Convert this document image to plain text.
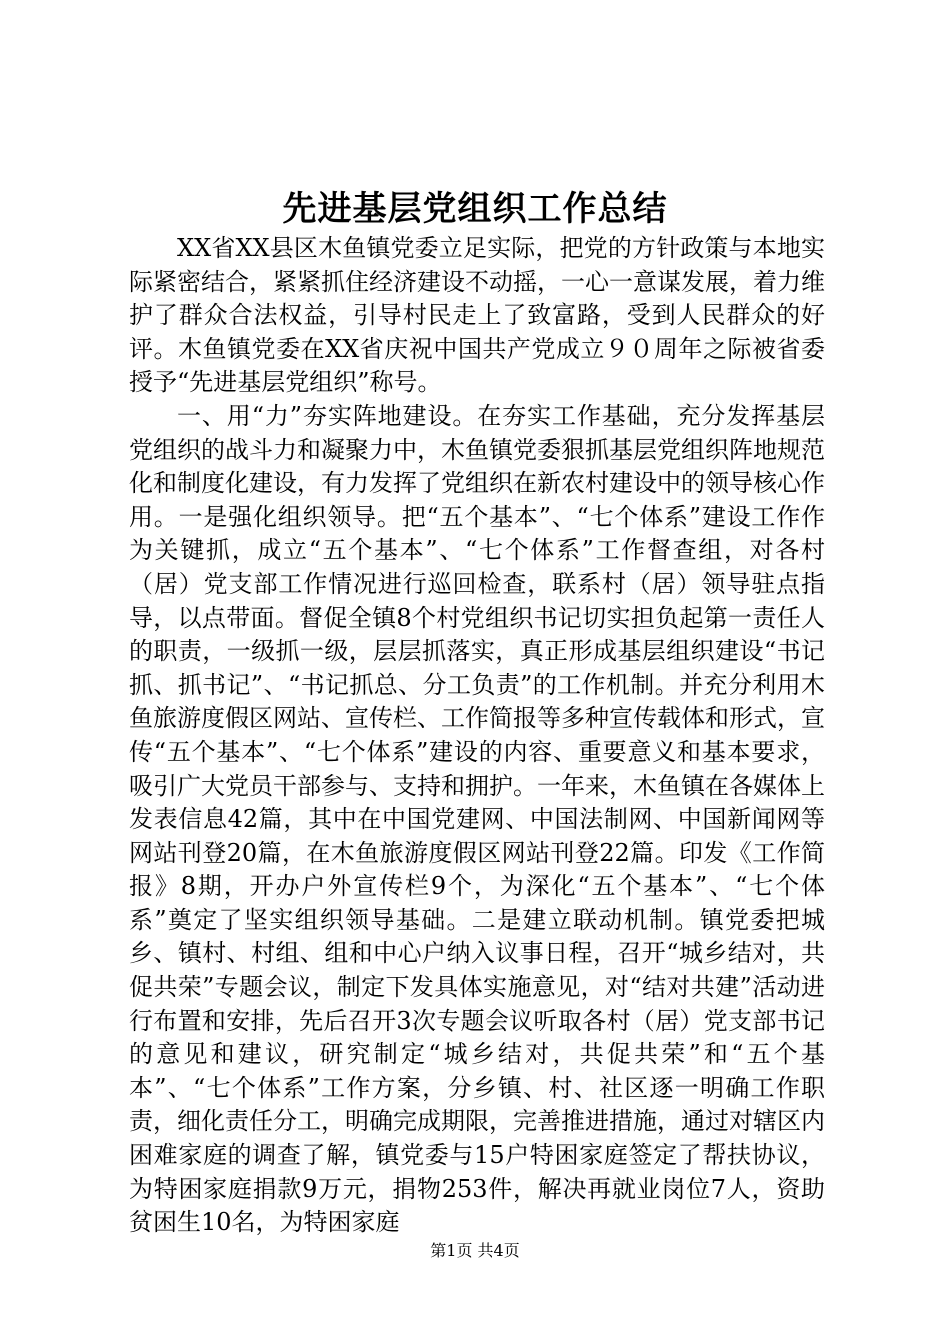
先进基层党组织工作总结

XX省XX县区木鱼镇党委立足实际，把党的方针政策与本地实际紧密结合，紧紧抓住经济建设不动摇，一心一意谋发展，着力维护了群众合法权益，引导村民走上了致富路，受到人民群众的好评。木鱼镇党委在XX省庆祝中国共产党成立９０周年之际被省委授予“先进基层党组织”称号。

一、用“力”夯实阵地建设。在夯实工作基础，充分发挥基层党组织的战斗力和凝聚力中，木鱼镇党委狠抓基层党组织阵地规范化和制度化建设，有力发挥了党组织在新农村建设中的领导核心作用。一是强化组织领导。把“五个基本”、“七个体系”建设工作作为关键抓，成立“五个基本”、“七个体系”工作督查组，对各村（居）党支部工作情况进行巡回检查，联系村（居）领导驻点指导，以点带面。督促全镇8个村党组织书记切实担负起第一责任人的职责，一级抓一级，层层抓落实，真正形成基层组织建设“书记抓、抓书记”、“书记抓总、分工负责”的工作机制。并充分利用木鱼旅游度假区网站、宣传栏、工作简报等多种宣传载体和形式，宣传“五个基本”、“七个体系”建设的内容、重要意义和基本要求，吸引广大党员干部参与、支持和拥护。一年来，木鱼镇在各媒体上发表信息42篇，其中在中国党建网、中国法制网、中国新闻网等网站刊登20篇，在木鱼旅游度假区网站刊登22篇。印发《工作简报》8期，开办户外宣传栏9个，为深化“五个基本”、“七个体系”奠定了坚实组织领导基础。二是建立联动机制。镇党委把城乡、镇村、村组、组和中心户纳入议事日程，召开“城乡结对，共促共荣”专题会议，制定下发具体实施意见，对“结对共建”活动进行布置和安排，先后召开3次专题会议听取各村（居）党支部书记的意见和建议，研究制定“城乡结对，共促共荣”和“五个基本”、“七个体系”工作方案，分乡镇、村、社区逐一明确工作职责，细化责任分工，明确完成期限，完善推进措施，通过对辖区内困难家庭的调查了解，镇党委与15户特困家庭签定了帮扶协议，为特困家庭捐款9万元，捐物253件，解决再就业岗位7人，资助贫困生10名，为特困家庭

第1页 共4页
